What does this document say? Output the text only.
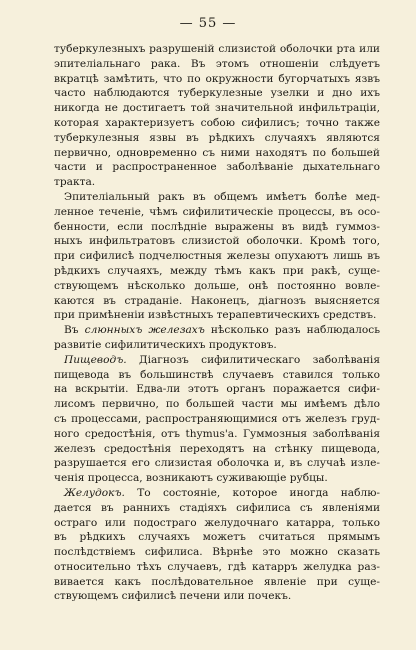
— 55 —
туберкулезныхъ разрушеній слизистой оболочки рта или
эпителіальнаго рака. Въ этомъ отношеніи слѣдуетъ
вкратцѣ замѣтить, что по окружности бугорчатыхъ язвъ
часто наблюдаются туберкулезные узелки и дно ихъ
никогда не достигаетъ той значительной инфильтраціи,
которая характеризуетъ собою сифилисъ; точно также
туберкулезныя язвы въ рѣдкихъ случаяхъ являются
первично, одновременно съ ними находятъ по большей
части и распространенное заболѣваніе дыхательнаго
тракта.
Эпителіальный ракъ въ общемъ имѣетъ болѣе мед-
ленное теченіе, чѣмъ сифилитическіе процессы, въ осо-
бенности, если послѣдніе выражены въ видѣ гуммоз-
ныхъ инфильтратовъ слизистой оболочки. Кромѣ того,
при сифилисѣ подчелюстныя железы опухаютъ лишь въ
рѣдкихъ случаяхъ, между тѣмъ какъ при ракѣ, суще-
ствующемъ нѣсколько дольше, онѣ постоянно вовле-
каются въ страданіе. Наконецъ, діагнозъ выясняется
при примѣненіи извѣстныхъ терапевтическихъ средствъ.
Въ слюнныхъ железахъ нѣсколько разъ наблюдалось
развитіе сифилитическихъ продуктовъ.
Пищеводъ. Діагнозъ сифилитическаго заболѣванія
пищевода въ большинствѣ случаевъ ставился только
на вскрытіи. Едва-ли этотъ органъ поражается сифи-
лисомъ первично, по большей части мы имѣемъ дѣло
съ процессами, распространяющимися отъ железъ груд-
ного средостѣнія, отъ thymus'а. Гуммозныя заболѣванія
железъ средостѣнія переходятъ на стѣнку пищевода,
разрушается его слизистая оболочка и, въ случаѣ изле-
ченія процесса, возникаютъ суживающіе рубцы.
Желудокъ. То состояніе, которое иногда наблю-
дается въ раннихъ стадіяхъ сифилиса съ явленіями
остраго или подостраго желудочнаго катарра, только
въ рѣдкихъ случаяхъ можетъ считаться прямымъ
послѣдствіемъ сифилиса. Вѣрнѣе это можно сказать
относительно тѣхъ случаевъ, гдѣ катарръ желудка раз-
вивается какъ послѣдовательное явленіе при суще-
ствующемъ сифилисѣ печени или почекъ.
